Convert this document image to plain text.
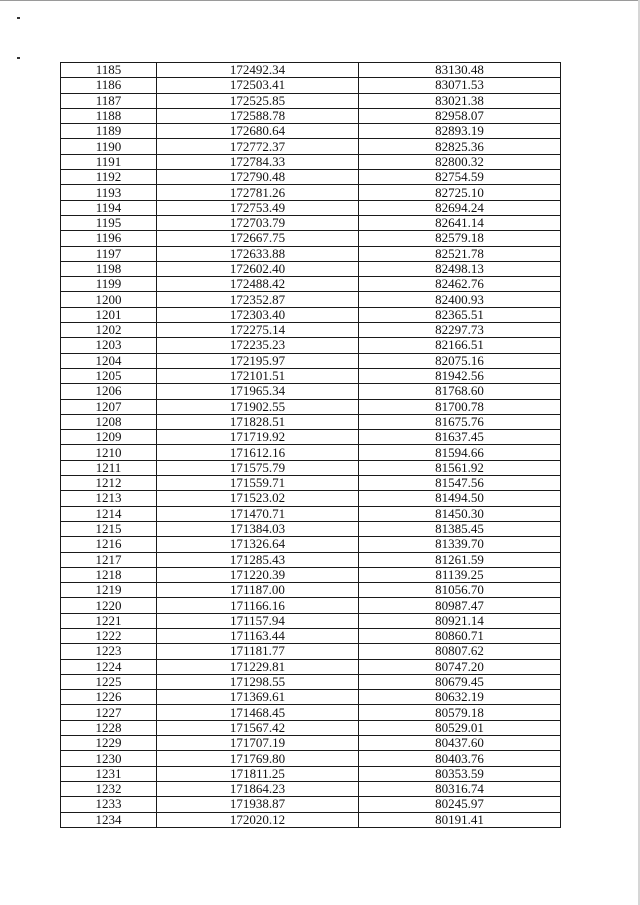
1185	172492.34	83130.48
1186	172503.41	83071.53
1187	172525.85	83021.38
1188	172588.78	82958.07
1189	172680.64	82893.19
1190	172772.37	82825.36
1191	172784.33	82800.32
1192	172790.48	82754.59
1193	172781.26	82725.10
1194	172753.49	82694.24
1195	172703.79	82641.14
1196	172667.75	82579.18
1197	172633.88	82521.78
1198	172602.40	82498.13
1199	172488.42	82462.76
1200	172352.87	82400.93
1201	172303.40	82365.51
1202	172275.14	82297.73
1203	172235.23	82166.51
1204	172195.97	82075.16
1205	172101.51	81942.56
1206	171965.34	81768.60
1207	171902.55	81700.78
1208	171828.51	81675.76
1209	171719.92	81637.45
1210	171612.16	81594.66
1211	171575.79	81561.92
1212	171559.71	81547.56
1213	171523.02	81494.50
1214	171470.71	81450.30
1215	171384.03	81385.45
1216	171326.64	81339.70
1217	171285.43	81261.59
1218	171220.39	81139.25
1219	171187.00	81056.70
1220	171166.16	80987.47
1221	171157.94	80921.14
1222	171163.44	80860.71
1223	171181.77	80807.62
1224	171229.81	80747.20
1225	171298.55	80679.45
1226	171369.61	80632.19
1227	171468.45	80579.18
1228	171567.42	80529.01
1229	171707.19	80437.60
1230	171769.80	80403.76
1231	171811.25	80353.59
1232	171864.23	80316.74
1233	171938.87	80245.97
1234	172020.12	80191.41
